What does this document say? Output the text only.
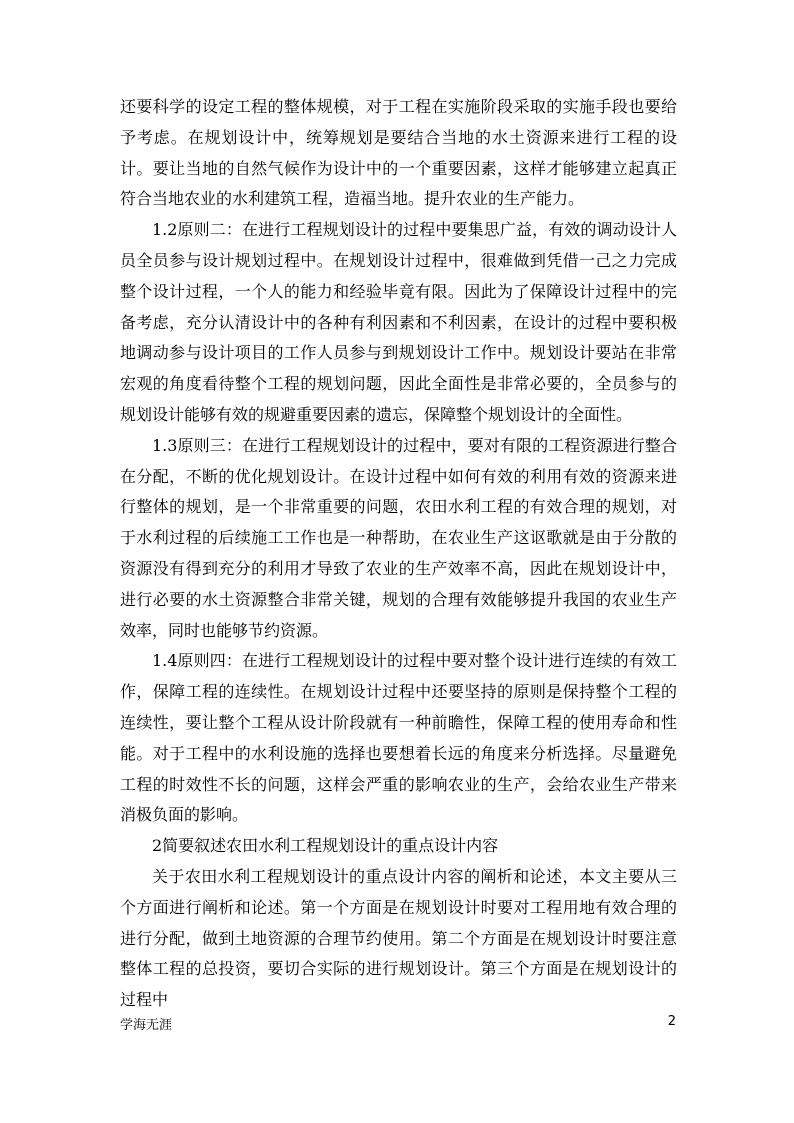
还要科学的设定工程的整体规模，对于工程在实施阶段采取的实施手段也要给予考虑。在规划设计中，统筹规划是要结合当地的水土资源来进行工程的设计。要让当地的自然气候作为设计中的一个重要因素，这样才能够建立起真正符合当地农业的水利建筑工程，造福当地。提升农业的生产能力。

1.2原则二：在进行工程规划设计的过程中要集思广益，有效的调动设计人员全员参与设计规划过程中。在规划设计过程中，很难做到凭借一己之力完成整个设计过程，一个人的能力和经验毕竟有限。因此为了保障设计过程中的完备考虑，充分认清设计中的各种有利因素和不利因素，在设计的过程中要积极地调动参与设计项目的工作人员参与到规划设计工作中。规划设计要站在非常宏观的角度看待整个工程的规划问题，因此全面性是非常必要的，全员参与的规划设计能够有效的规避重要因素的遗忘，保障整个规划设计的全面性。

1.3原则三：在进行工程规划设计的过程中，要对有限的工程资源进行整合在分配，不断的优化规划设计。在设计过程中如何有效的利用有效的资源来进行整体的规划，是一个非常重要的问题，农田水利工程的有效合理的规划，对于水利过程的后续施工工作也是一种帮助，在农业生产这讴歌就是由于分散的资源没有得到充分的利用才导致了农业的生产效率不高，因此在规划设计中，进行必要的水土资源整合非常关键，规划的合理有效能够提升我国的农业生产效率，同时也能够节约资源。

1.4原则四：在进行工程规划设计的过程中要对整个设计进行连续的有效工作，保障工程的连续性。在规划设计过程中还要坚持的原则是保持整个工程的连续性，要让整个工程从设计阶段就有一种前瞻性，保障工程的使用寿命和性能。对于工程中的水利设施的选择也要想着长远的角度来分析选择。尽量避免工程的时效性不长的问题，这样会严重的影响农业的生产，会给农业生产带来消极负面的影响。

2简要叙述农田水利工程规划设计的重点设计内容

关于农田水利工程规划设计的重点设计内容的阐析和论述，本文主要从三个方面进行阐析和论述。第一个方面是在规划设计时要对工程用地有效合理的进行分配，做到土地资源的合理节约使用。第二个方面是在规划设计时要注意整体工程的总投资，要切合实际的进行规划设计。第三个方面是在规划设计的过程中

学海无涯	2
